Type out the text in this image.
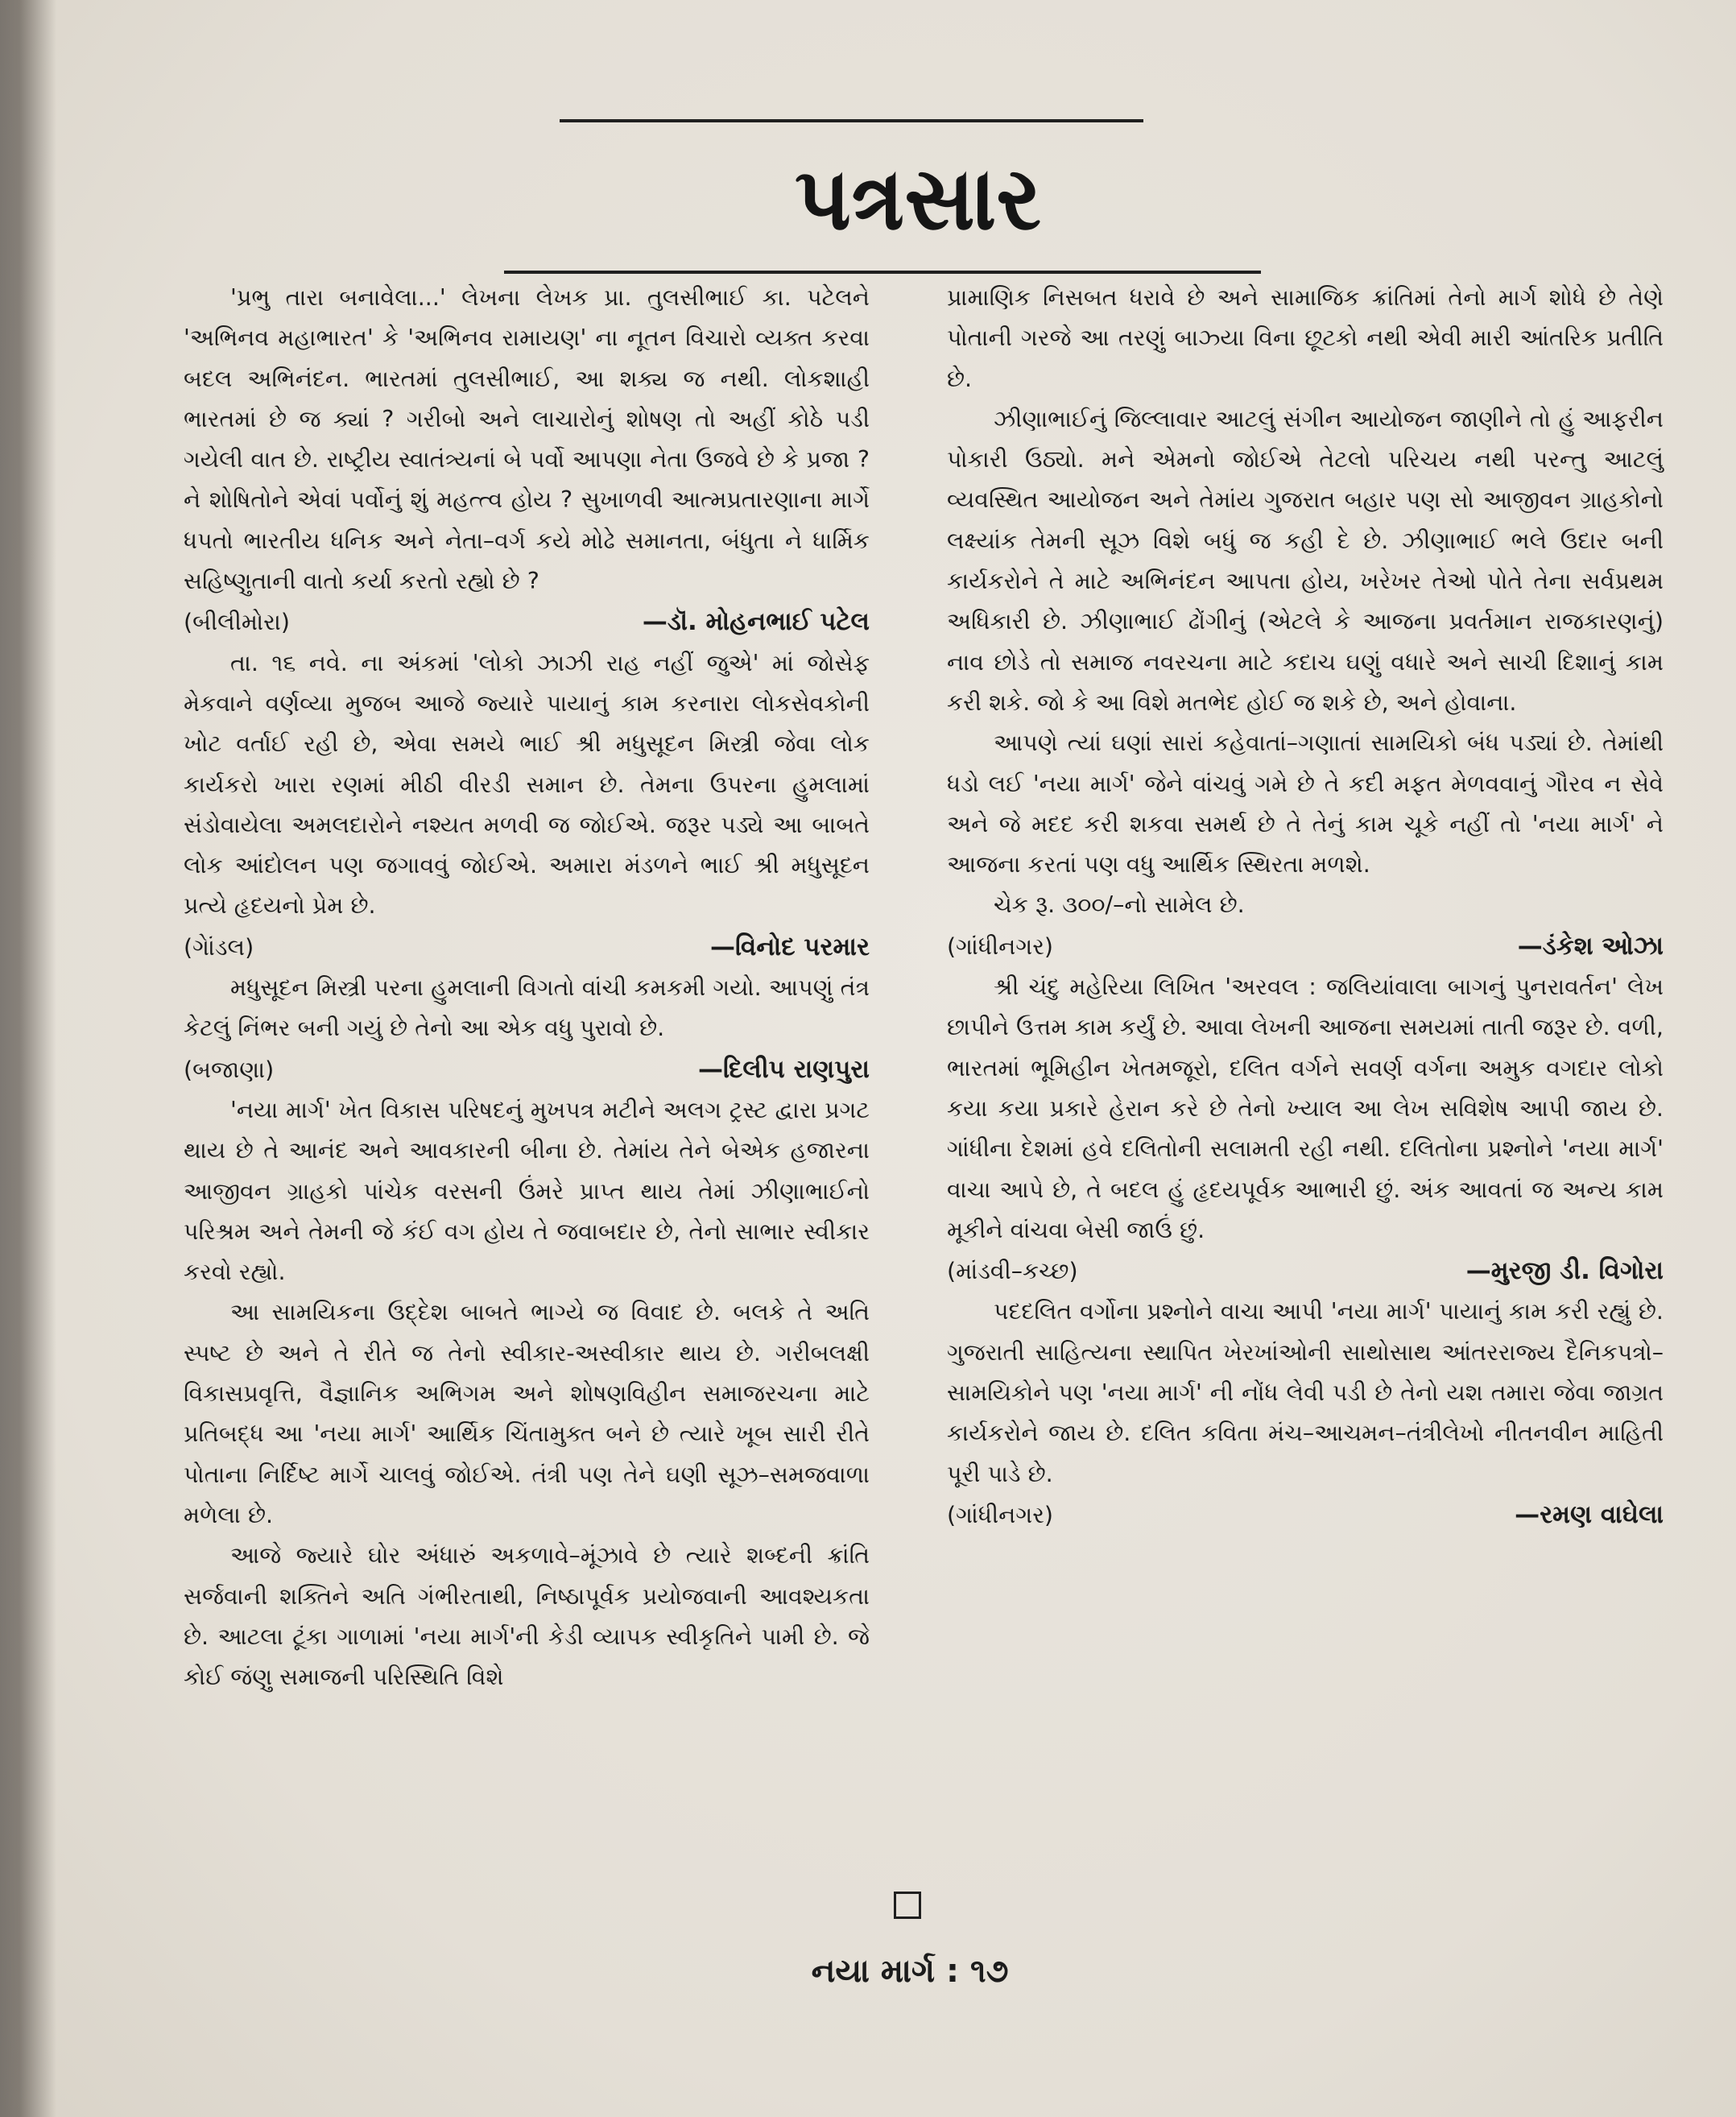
પત્રસાર

'પ્રભુ તારા બનાવેલા...' લેખના લેખક પ્રા. તુલસીભાઈ કા. પટેલને 'અભિનવ મહાભારત' કે 'અભિનવ રામાયણ' ના નૂતન વિચારો વ્યક્ત કરવા બદલ અભિનંદન. ભારતમાં તુલસીભાઈ, આ શક્ય જ નથી. લોકશાહી ભારતમાં છે જ ક્યાં ? ગરીબો અને લાચારોનું શોષણ તો અહીં કોઠે પડી ગયેલી વાત છે. રાષ્ટ્રીય સ્વાતંત્ર્યનાં બે પર્વો આપણા નેતા ઉજવે છે કે પ્રજા ? ને શોષિતોને એવાં પર્વોનું શું મહત્ત્વ હોય ? સુખાળવી આત્મપ્રતારણાના માર્ગે ધપતો ભારતીય ધનિક અને નેતા–વર્ગ કયે મોઢે સમાનતા, બંધુતા ને ધાર્મિક સહિષ્ણુતાની વાતો કર્યા કરતો રહ્યો છે ?

(બીલીમોરા)	—ડૉ. મોહનભાઈ પટેલ

તા. ૧૬ નવે. ના અંકમાં 'લોકો ઝાઝી રાહ નહીં જુએ' માં જોસેફ મેકવાને વર્ણવ્યા મુજબ આજે જ્યારે પાયાનું કામ કરનારા લોકસેવકોની ખોટ વર્તાઈ રહી છે, એવા સમયે ભાઈ શ્રી મધુસૂદન મિસ્ત્રી જેવા લોક કાર્યકરો ખારા રણમાં મીઠી વીરડી સમાન છે. તેમના ઉપરના હુમલામાં સંડોવાયેલા અમલદારોને નશ્યત મળવી જ જોઈએ. જરૂર પડ્યે આ બાબતે લોક આંદોલન પણ જગાવવું જોઈએ. અમારા મંડળને ભાઈ શ્રી મધુસૂદન પ્રત્યે હૃદયનો પ્રેમ છે.

(ગેાંડલ)	—વિનોદ પરમાર

મધુસૂદન મિસ્ત્રી પરના હુમલાની વિગતો વાંચી કમકમી ગયો. આપણું તંત્ર કેટલું નિંભર બની ગયું છે તેનો આ એક વધુ પુરાવો છે.

(બજાણા)	—દિલીપ રાણપુરા

'નયા માર્ગ' ખેત વિકાસ પરિષદનું મુખપત્ર મટીને અલગ ટ્રસ્ટ દ્વારા પ્રગટ થાય છે તે આનંદ અને આવકારની બીના છે. તેમાંય તેને બેએક હજારના આજીવન ગ્રાહકો પાંચેક વરસની ઉંમરે પ્રાપ્ત થાય તેમાં ઝીણાભાઈનો પરિશ્રમ અને તેમની જે કંઈ વગ હોય તે જવાબદાર છે, તેનો સાભાર સ્વીકાર કરવો રહ્યો.

આ સામયિકના ઉદ્દેશ બાબતે ભાગ્યે જ વિવાદ છે. બલકે તે અતિ સ્પષ્ટ છે અને તે રીતે જ તેનો સ્વીકાર-અસ્વીકાર થાય છે. ગરીબલક્ષી વિકાસપ્રવૃત્તિ, વૈજ્ઞાનિક અભિગમ અને શોષણવિહીન સમાજરચના માટે પ્રતિબદ્ધ આ 'નયા માર્ગ' આર્થિક ચિંતામુક્ત બને છે ત્યારે ખૂબ સારી રીતે પોતાના નિર્દિષ્ટ માર્ગે ચાલવું જોઈએ. તંત્રી પણ તેને ઘણી સૂઝ–સમજવાળા મળેલા છે.

આજે જ્યારે ઘોર અંધારું અકળાવે–મૂંઝાવે છે ત્યારે શબ્દની ક્રાંતિ સર્જવાની શક્તિને અતિ ગંભીરતાથી, નિષ્ઠાપૂર્વક પ્રયોજવાની આવશ્યકતા છે. આટલા ટૂંકા ગાળામાં 'નયા માર્ગ'ની કેડી વ્યાપક સ્વીકૃતિને પામી છે. જે કોઈ જંણુ સમાજની પરિસ્થિતિ વિશે

પ્રામાણિક નિસબત ધરાવે છે અને સામાજિક ક્રાંતિમાં તેનો માર્ગ શોધે છે તેણે પોતાની ગરજે આ તરણું બાઝ્યા વિના છૂટકો નથી એવી મારી આંતરિક પ્રતીતિ છે.

ઝીણાભાઈનું જિલ્લાવાર આટલું સંગીન આયોજન જાણીને તો હું આફરીન પોકારી ઉઠ્યો. મને એમનો જોઈએ તેટલો પરિચય નથી પરન્તુ આટલું વ્યવસ્થિત આયોજન અને તેમાંય ગુજરાત બહાર પણ સો આજીવન ગ્રાહકોનો લક્ષ્યાંક તેમની સૂઝ વિશે બધું જ કહી દે છે. ઝીણાભાઈ ભલે ઉદાર બની કાર્યકરોને તે માટે અભિનંદન આપતા હોય, ખરેખર તેઓ પોતે તેના સર્વપ્રથમ અધિકારી છે. ઝીણાભાઈ ઢોંગીનું (એટલે કે આજના પ્રવર્તમાન રાજકારણનું) નાવ છોડે તો સમાજ નવરચના માટે કદાચ ઘણું વધારે અને સાચી દિશાનું કામ કરી શકે. જો કે આ વિશે મતભેદ હોઈ જ શકે છે, અને હોવાના.

આપણે ત્યાં ઘણાં સારાં કહેવાતાં–ગણાતાં સામયિકો બંધ પડ્યાં છે. તેમાંથી ધડો લઈ 'નયા માર્ગ' જેને વાંચવું ગમે છે તે કદી મફત મેળવવાનું ગૌરવ ન સેવે અને જે મદદ કરી શકવા સમર્થ છે તે તેનું કામ ચૂકે નહીં તો 'નયા માર્ગ' ને આજના કરતાં પણ વધુ આર્થિક સ્થિરતા મળશે.

ચેક રૂ. ૩૦૦/–નો સામેલ છે.

(ગાંધીનગર)	—ડંકેશ ઓઝા

શ્રી ચંદુ મહેરિયા લિખિત 'અરવલ : જલિયાંવાલા બાગનું પુનરાવર્તન' લેખ છાપીને ઉત્તમ કામ કર્યું છે. આવા લેખની આજના સમયમાં તાતી જરૂર છે. વળી, ભારતમાં ભૂમિહીન ખેતમજૂરો, દલિત વર્ગને સવર્ણ વર્ગના અમુક વગદાર લોકો કયા કયા પ્રકારે હેરાન કરે છે તેનો ખ્યાલ આ લેખ સવિશેષ આપી જાય છે. ગાંધીના દેશમાં હવે દલિતોની સલામતી રહી નથી. દલિતોના પ્રશ્નોને 'નયા માર્ગ' વાચા આપે છે, તે બદલ હું હૃદયપૂર્વક આભારી છું. અંક આવતાં જ અન્ય કામ મૂકીને વાંચવા બેસી જાઉં છું.

(માંડવી–કચ્છ)	—મુરજી ડી. વિગોરા

પદદલિત વર્ગોના પ્રશ્નોને વાચા આપી 'નયા માર્ગ' પાયાનું કામ કરી રહ્યું છે. ગુજરાતી સાહિત્યના સ્થાપિત ખેરખાંઓની સાથોસાથ આંતરરાજ્ય દૈનિકપત્રો–સામયિકોને પણ 'નયા માર્ગ' ની નોંધ લેવી પડી છે તેનો યશ તમારા જેવા જાગ્રત કાર્યકરોને જાય છે. દલિત કવિતા મંચ–આચમન–તંત્રીલેખો નીતનવીન માહિતી પૂરી પાડે છે.

(ગાંધીનગર)	—રમણ વાઘેલા
નયા માર્ગ : ૧૭
